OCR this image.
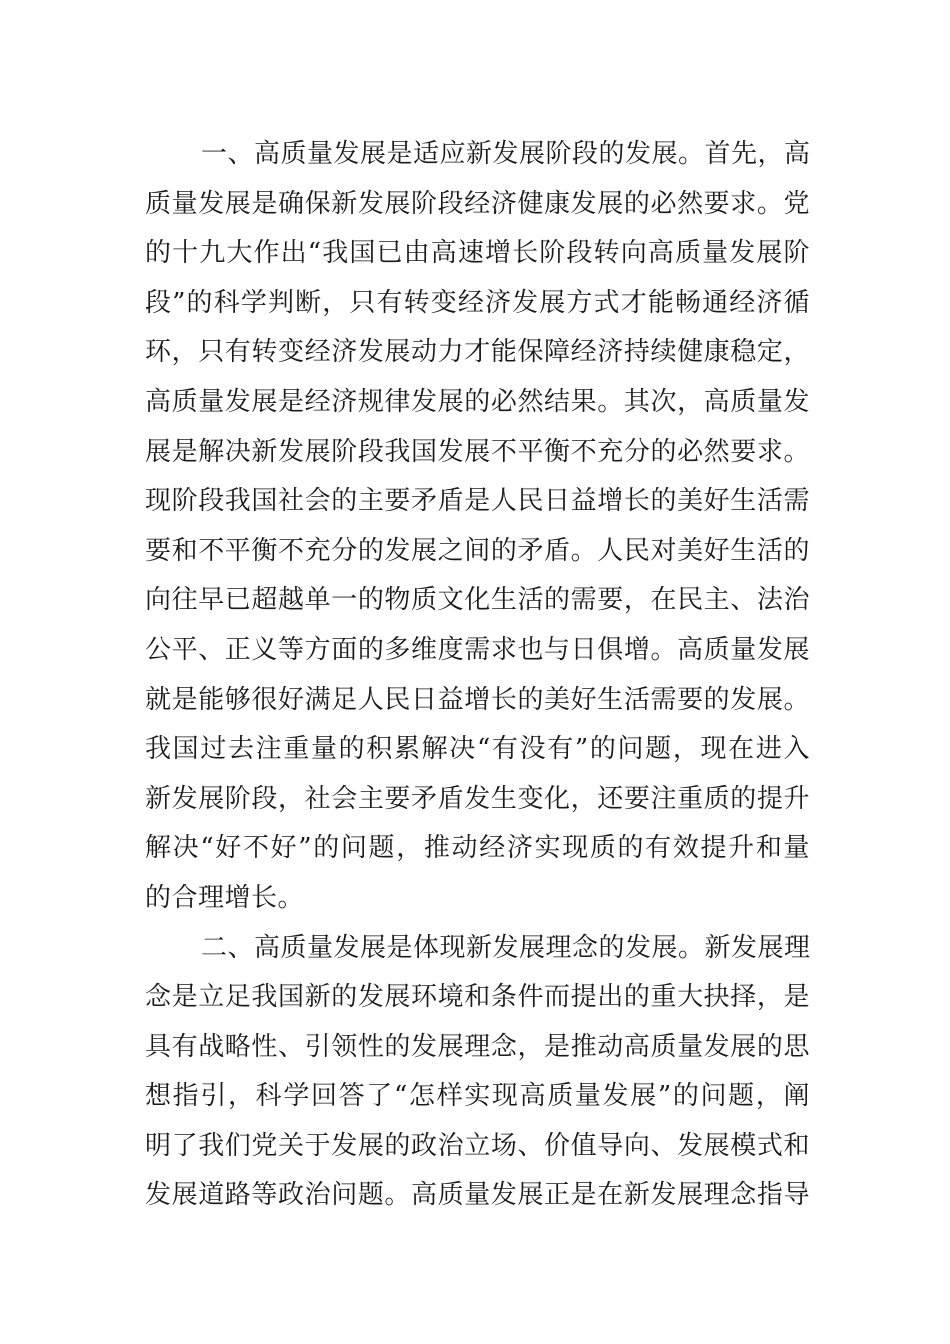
一、高质量发展是适应新发展阶段的发展。首先，高
质量发展是确保新发展阶段经济健康发展的必然要求。党
的十九大作出“我国已由高速增长阶段转向高质量发展阶
段”的科学判断，只有转变经济发展方式才能畅通经济循
环，只有转变经济发展动力才能保障经济持续健康稳定，
高质量发展是经济规律发展的必然结果。其次，高质量发
展是解决新发展阶段我国发展不平衡不充分的必然要求。
现阶段我国社会的主要矛盾是人民日益增长的美好生活需
要和不平衡不充分的发展之间的矛盾。人民对美好生活的
向往早已超越单一的物质文化生活的需要，在民主、法治
公平、正义等方面的多维度需求也与日俱增。高质量发展
就是能够很好满足人民日益增长的美好生活需要的发展。
我国过去注重量的积累解决“有没有”的问题，现在进入
新发展阶段，社会主要矛盾发生变化，还要注重质的提升
解决“好不好”的问题，推动经济实现质的有效提升和量
的合理增长。
二、高质量发展是体现新发展理念的发展。新发展理
念是立足我国新的发展环境和条件而提出的重大抉择，是
具有战略性、引领性的发展理念，是推动高质量发展的思
想指引，科学回答了“怎样实现高质量发展”的问题，阐
明了我们党关于发展的政治立场、价值导向、发展模式和
发展道路等政治问题。高质量发展正是在新发展理念指导
